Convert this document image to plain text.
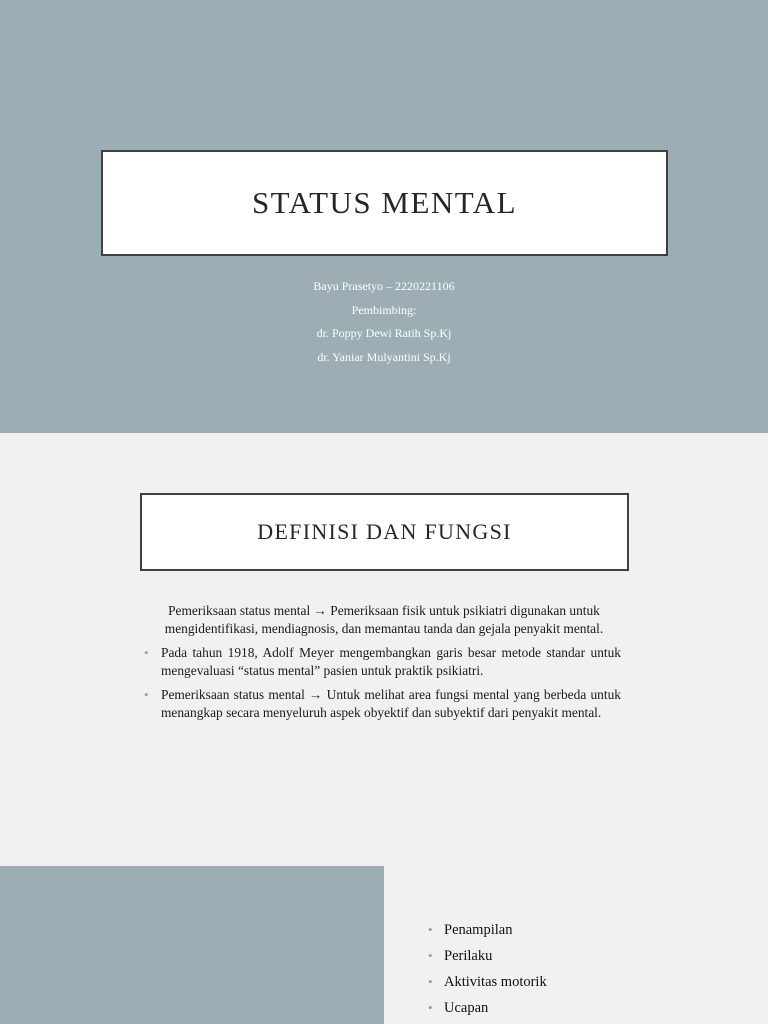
STATUS MENTAL
Bayu Prasetyo – 2220221106
Pembimbing:
dr. Poppy Dewi Ratih Sp.Kj
dr. Yaniar Mulyantini Sp.Kj
DEFINISI DAN FUNGSI
Pemeriksaan status mental → Pemeriksaan fisik untuk psikiatri digunakan untuk mengidentifikasi, mendiagnosis, dan memantau tanda dan gejala penyakit mental.
• Pada tahun 1918, Adolf Meyer mengembangkan garis besar metode standar untuk mengevaluasi “status mental” pasien untuk praktik psikiatri.
• Pemeriksaan status mental → Untuk melihat area fungsi mental yang berbeda untuk menangkap secara menyeluruh aspek obyektif dan subyektif dari penyakit mental.
• Penampilan
• Perilaku
• Aktivitas motorik
• Ucapan
